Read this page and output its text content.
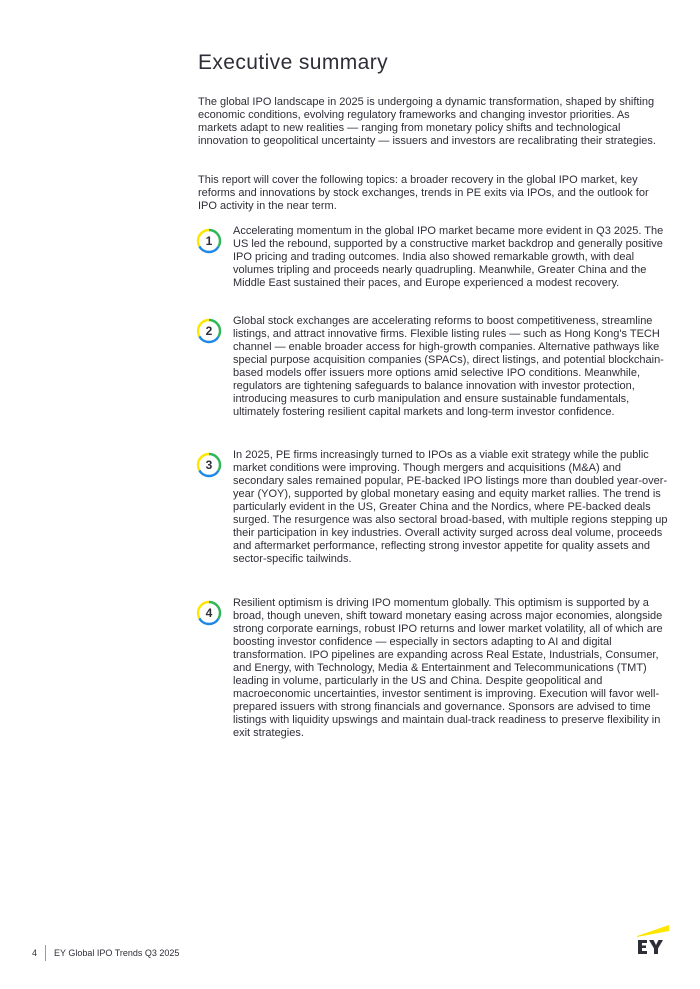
Executive summary

The global IPO landscape in 2025 is undergoing a dynamic transformation, shaped by shifting economic conditions, evolving regulatory frameworks and changing investor priorities. As markets adapt to new realities — ranging from monetary policy shifts and technological innovation to geopolitical uncertainty — issuers and investors are recalibrating their strategies.

This report will cover the following topics: a broader recovery in the global IPO market, key reforms and innovations by stock exchanges, trends in PE exits via IPOs, and the outlook for IPO activity in the near term.

1

Accelerating momentum in the global IPO market became more evident in Q3 2025. The US led the rebound, supported by a constructive market backdrop and generally positive IPO pricing and trading outcomes. India also showed remarkable growth, with deal volumes tripling and proceeds nearly quadrupling. Meanwhile, Greater China and the Middle East sustained their paces, and Europe experienced a modest recovery.

2

Global stock exchanges are accelerating reforms to boost competitiveness, streamline listings, and attract innovative firms. Flexible listing rules — such as Hong Kong's TECH channel — enable broader access for high-growth companies. Alternative pathways like special purpose acquisition companies (SPACs), direct listings, and potential blockchain-based models offer issuers more options amid selective IPO conditions. Meanwhile, regulators are tightening safeguards to balance innovation with investor protection, introducing measures to curb manipulation and ensure sustainable fundamentals, ultimately fostering resilient capital markets and long-term investor confidence.

3

In 2025, PE firms increasingly turned to IPOs as a viable exit strategy while the public market conditions were improving. Though mergers and acquisitions (M&A) and secondary sales remained popular, PE-backed IPO listings more than doubled year-over-year (YOY), supported by global monetary easing and equity market rallies. The trend is particularly evident in the US, Greater China and the Nordics, where PE-backed deals surged. The resurgence was also sectoral broad-based, with multiple regions stepping up their participation in key industries. Overall activity surged across deal volume, proceeds and aftermarket performance, reflecting strong investor appetite for quality assets and sector-specific tailwinds.

4

Resilient optimism is driving IPO momentum globally. This optimism is supported by a broad, though uneven, shift toward monetary easing across major economies, alongside strong corporate earnings, robust IPO returns and lower market volatility, all of which are boosting investor confidence — especially in sectors adapting to AI and digital transformation. IPO pipelines are expanding across Real Estate, Industrials, Consumer, and Energy, with Technology, Media & Entertainment and Telecommunications (TMT) leading in volume, particularly in the US and China. Despite geopolitical and macroeconomic uncertainties, investor sentiment is improving. Execution will favor well-prepared issuers with strong financials and governance. Sponsors are advised to time listings with liquidity upswings and maintain dual-track readiness to preserve flexibility in exit strategies.

4 EY Global IPO Trends Q3 2025
